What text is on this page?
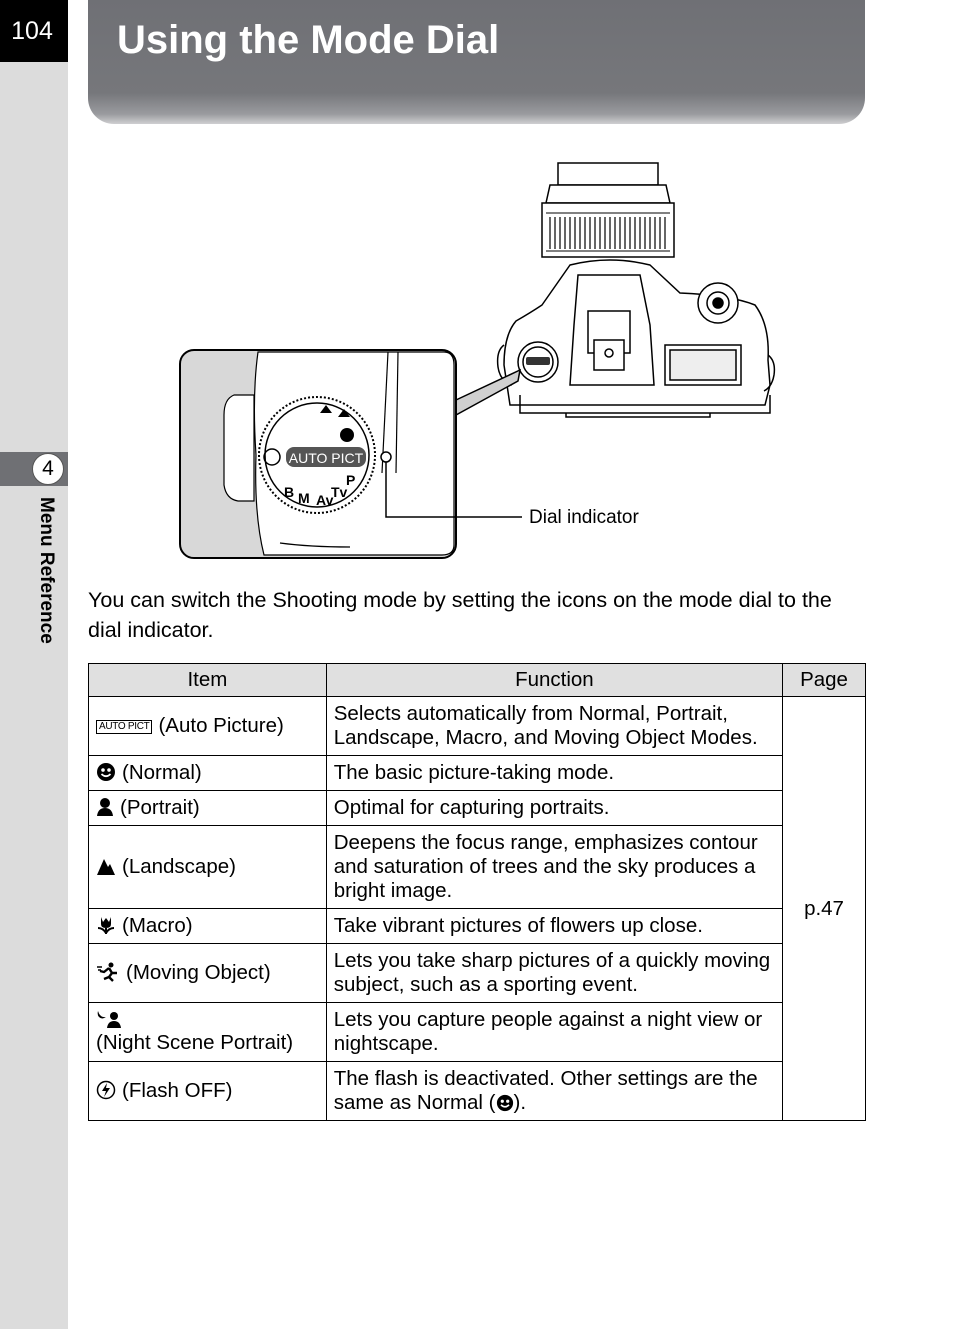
104
4
Menu Reference
Using the Mode Dial
AUTO PICT
P
Tv
Av
M
B
Dial indicator
You can switch the Shooting mode by setting the icons on the mode dial to the dial indicator.
Item	Function	Page
AUTO PICT (Auto Picture)	Selects automatically from Normal, Portrait, Landscape, Macro, and Moving Object Modes.	p.47
(Normal)	The basic picture-taking mode.	
(Portrait)	Optimal for capturing portraits.	
(Landscape)	Deepens the focus range, emphasizes contour and saturation of trees and the sky produces a bright image.	
(Macro)	Take vibrant pictures of flowers up close.	
(Moving Object)	Lets you take sharp pictures of a quickly moving subject, such as a sporting event.	

(Night Scene Portrait)	Lets you capture people against a night view or nightscape.	
(Flash OFF)	The flash is deactivated. Other settings are the same as Normal ( ).	
